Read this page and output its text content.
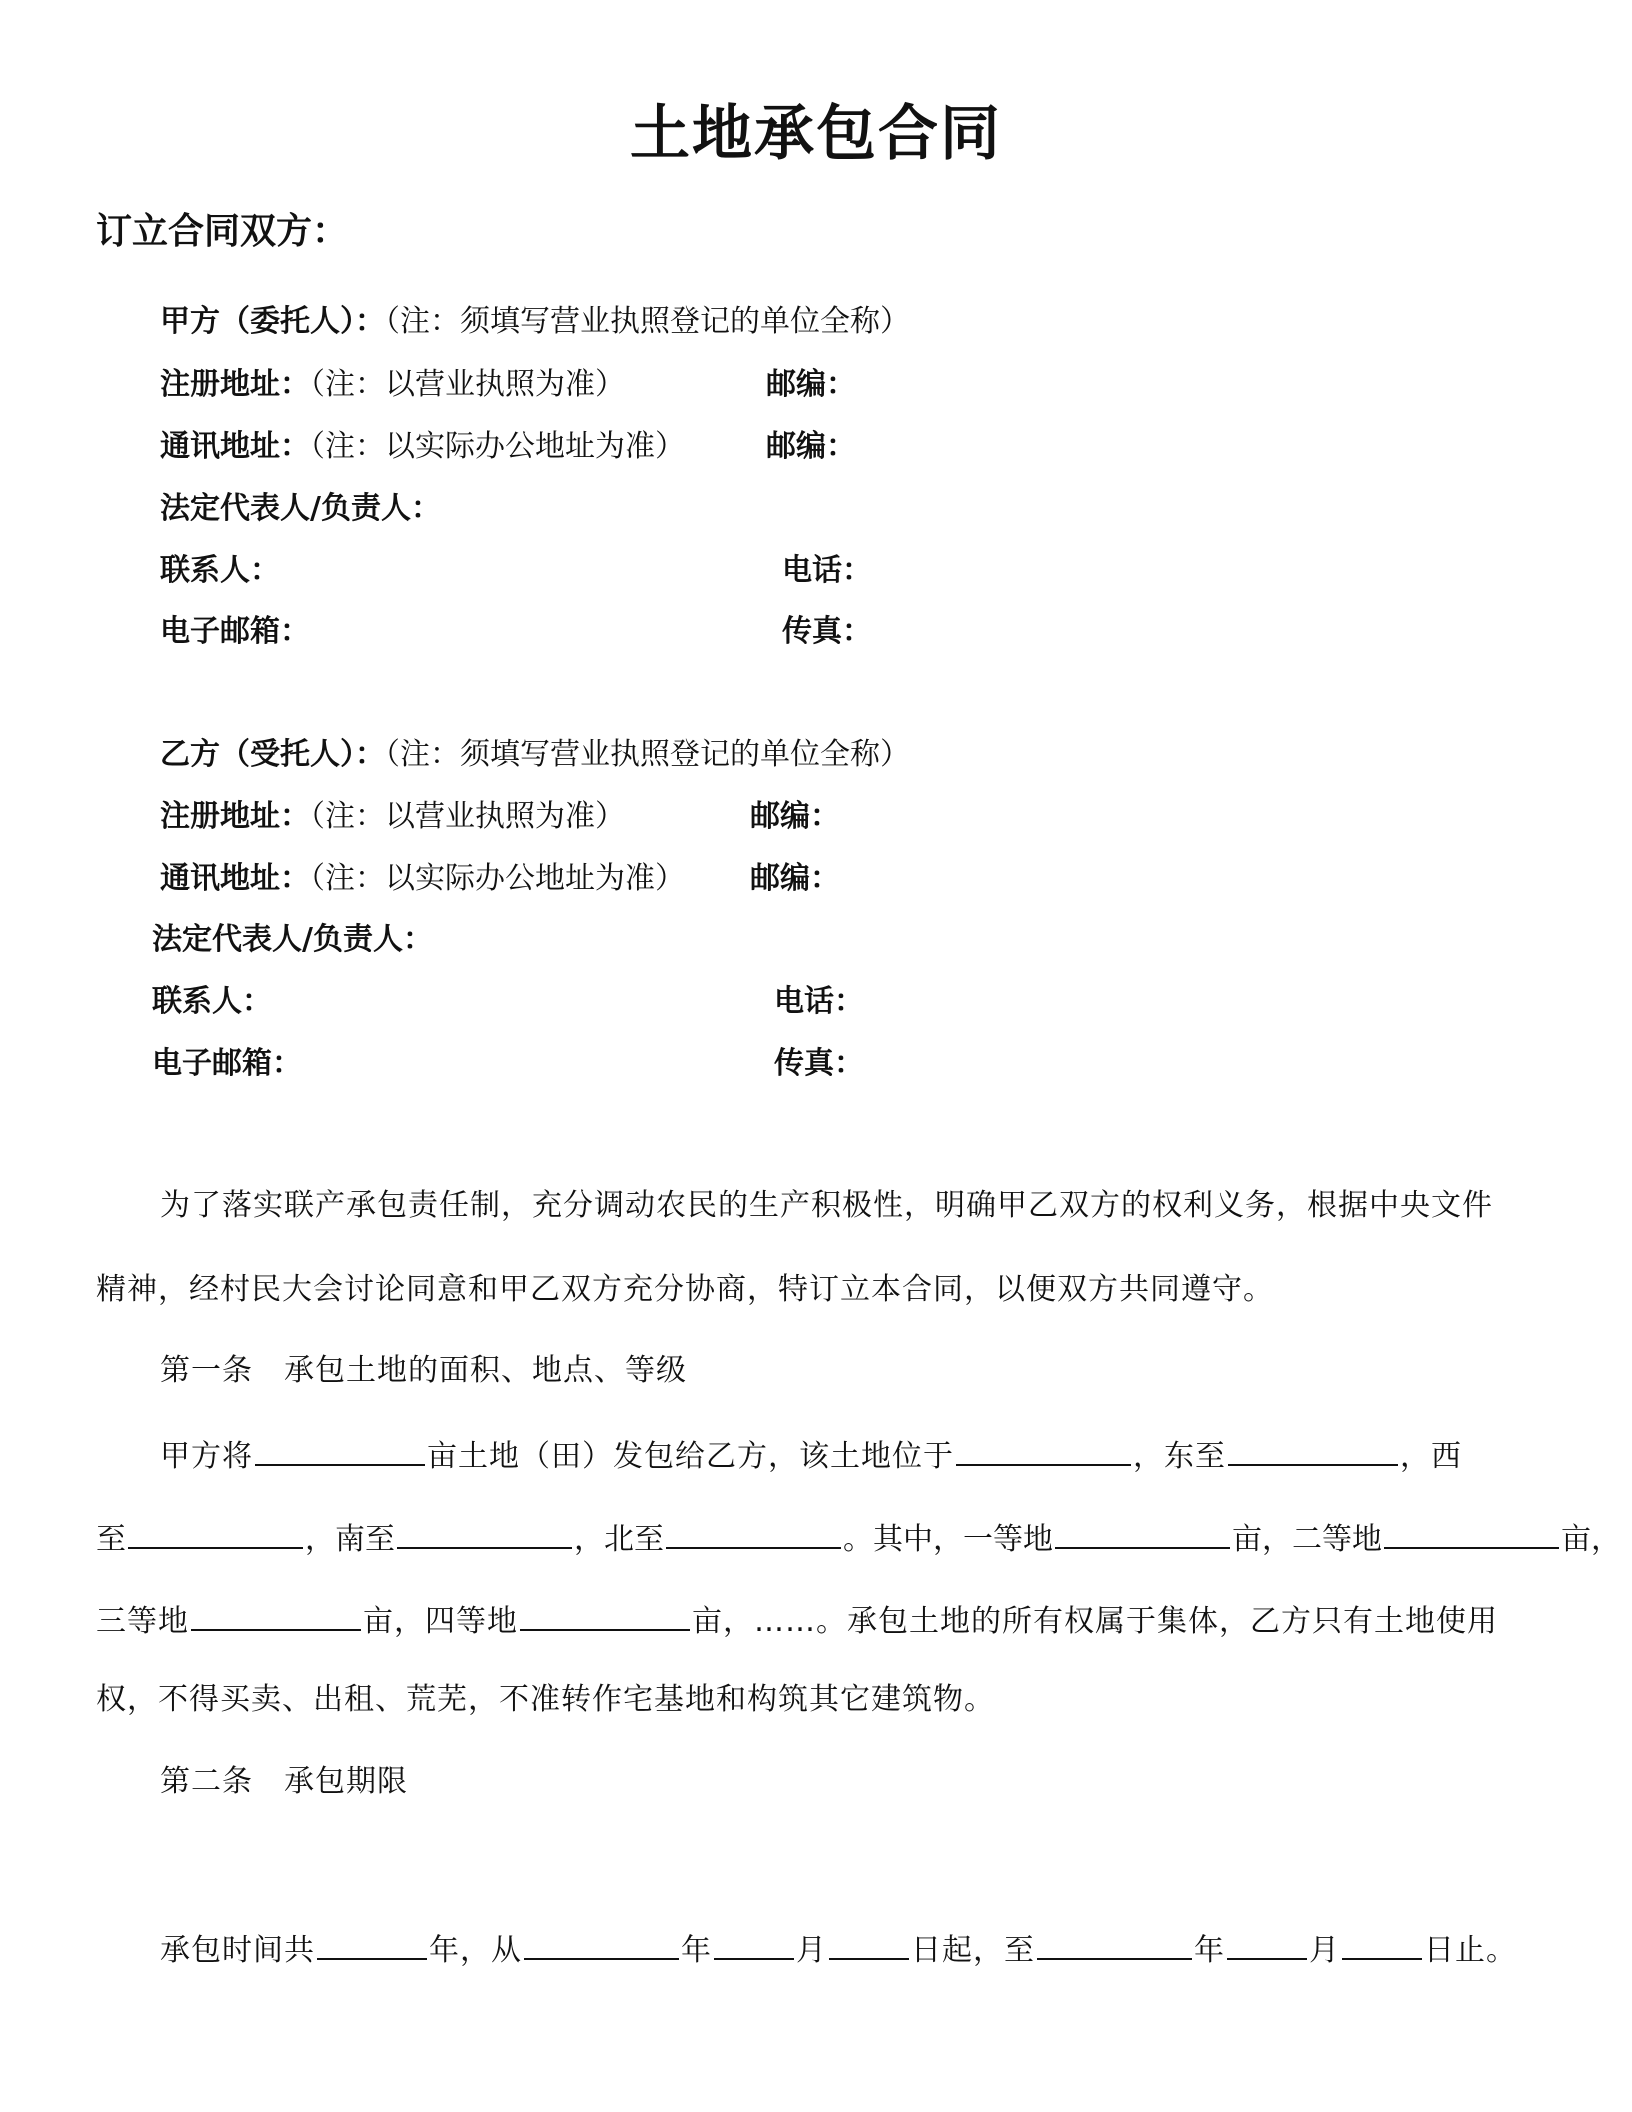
土地承包合同
订立合同双方：
甲方（委托人）：（注：须填写营业执照登记的单位全称）
注册地址：（注：以营业执照为准）	邮编：
通讯地址：（注：以实际办公地址为准）	邮编：
法定代表人/负责人：
联系人：	电话：
电子邮箱：	传真：
乙方（受托人）：（注：须填写营业执照登记的单位全称）
注册地址：（注：以营业执照为准）	邮编：
通讯地址：（注：以实际办公地址为准） 邮编：
法定代表人/负责人：
联系人：	电话：
电子邮箱：	传真：
为了落实联产承包责任制，充分调动农民的生产积极性，明确甲乙双方的权利义务，根据中央文件
精神，经村民大会讨论同意和甲乙双方充分协商，特订立本合同，以便双方共同遵守。
第一条　承包土地的面积、地点、等级
甲方将	亩土地（田）发包给乙方，该土地位于	，东至	，西
至	，南至	，北至	。其中，一等地	亩，二等地	亩，
三等地	亩，四等地	亩，……。承包土地的所有权属于集体，乙方只有土地使用
权，不得买卖、出租、荒芜，不准转作宅基地和构筑其它建筑物。
第二条　承包期限
承包时间共	年，从	年	月	日起，至	年	月	日止。
